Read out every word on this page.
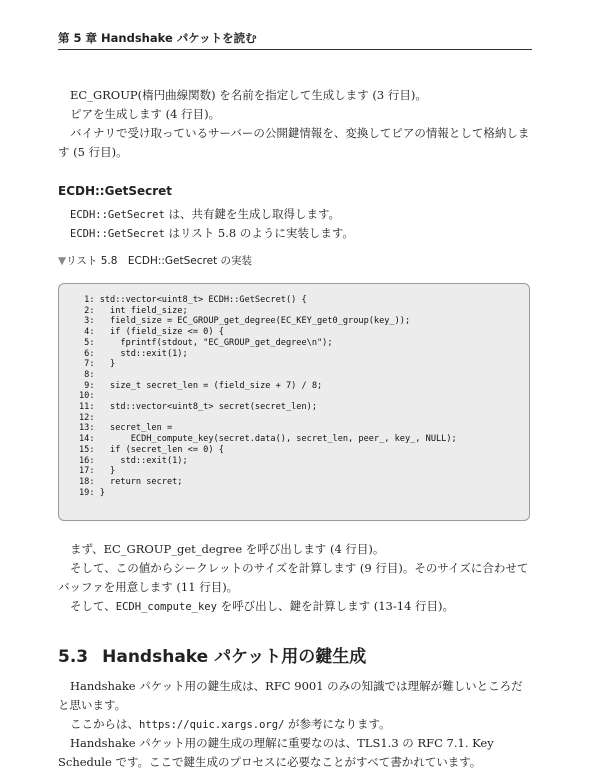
第 5 章 Handshake パケットを読む

EC_GROUP(楕円曲線関数) を名前を指定して生成します (3 行目)。

ピアを生成します (4 行目)。

バイナリで受け取っているサーバーの公開鍵情報を、変換してピアの情報として格納します (5 行目)。

ECDH::GetSecret

ECDH::GetSecret は、共有鍵を生成し取得します。

ECDH::GetSecret はリスト 5.8 のように実装します。

▼リスト 5.8　ECDH::GetSecret の実装
1: std::vector<uint8_t> ECDH::GetSecret() {
2:   int field_size;
3:   field_size = EC_GROUP_get_degree(EC_KEY_get0_group(key_));
4:   if (field_size <= 0) {
5:     fprintf(stdout, "EC_GROUP_get_degree\n");
6:     std::exit(1);
7:   }
8:
9:   size_t secret_len = (field_size + 7) / 8;
10:
11:   std::vector<uint8_t> secret(secret_len);
12:
13:   secret_len =
14:       ECDH_compute_key(secret.data(), secret_len, peer_, key_, NULL);
15:   if (secret_len <= 0) {
16:     std::exit(1);
17:   }
18:   return secret;
19: }

まず、EC_GROUP_get_degree を呼び出します (4 行目)。

そして、この値からシークレットのサイズを計算します (9 行目)。そのサイズに合わせてバッファを用意します (11 行目)。

そして、ECDH_compute_key を呼び出し、鍵を計算します (13-14 行目)。

5.3 Handshake パケット用の鍵生成

Handshake パケット用の鍵生成は、RFC 9001 のみの知識では理解が難しいところだと思います。

ここからは、https://quic.xargs.org/ が参考になります。

Handshake パケット用の鍵生成の理解に重要なのは、TLS1.3 の RFC 7.1. Key Schedule です。ここで鍵生成のプロセスに必要なことがすべて書かれています。
